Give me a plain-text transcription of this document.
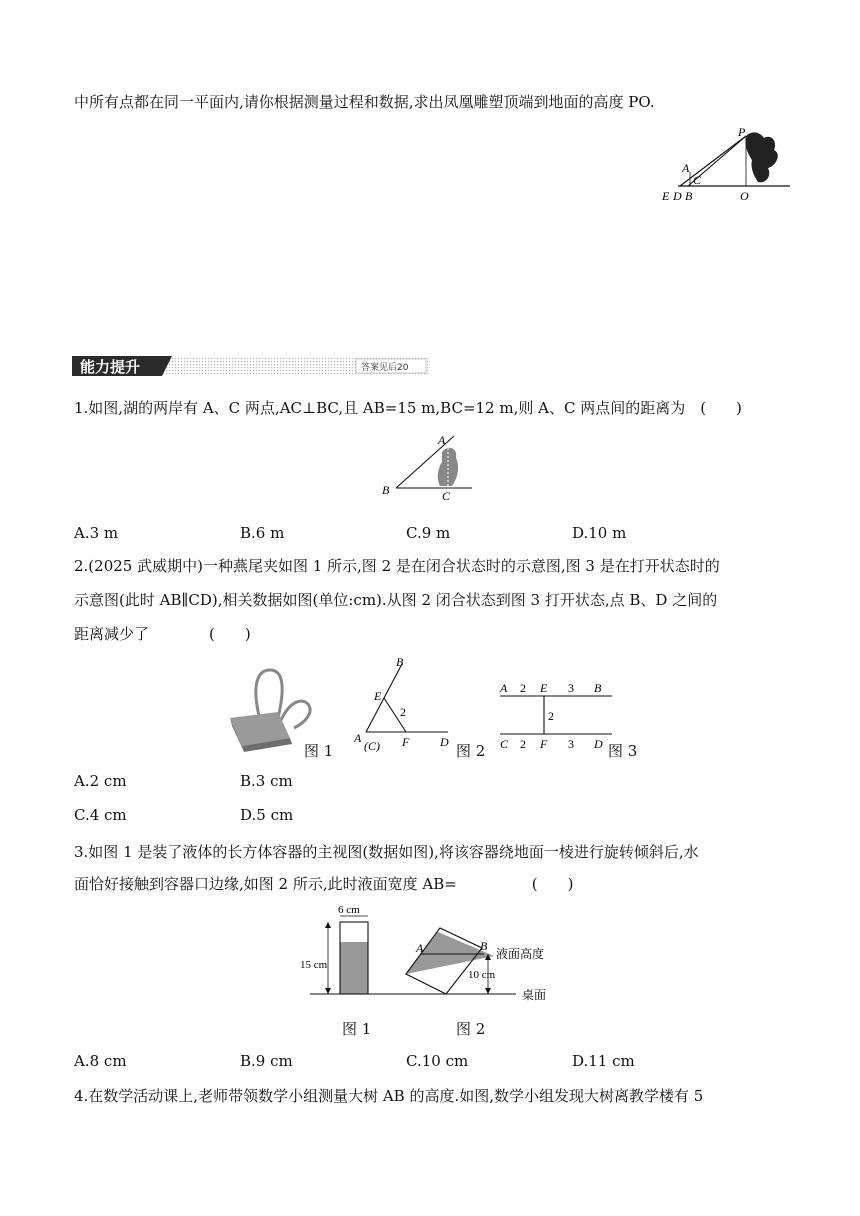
中所有点都在同一平面内,请你根据测量过程和数据,求出凤凰雕塑顶端到地面的高度 PO.
P
A
C
E D B	O
能力提升	答案见后20
1.如图,湖的两岸有 A、C 两点,AC⊥BC,且 AB=15 m,BC=12 m,则 A、C 两点间的距离为　(　　)
A
B	C
A.3 m	B.6 m	C.9 m	D.10 m
2.(2025 武威期中)一种燕尾夹如图 1 所示,图 2 是在闭合状态时的示意图,图 3 是在打开状态时的
示意图(此时 AB∥CD),相关数据如图(单位:cm).从图 2 闭合状态到图 3 打开状态,点 B、D 之间的
距离减少了　　　　(　　)
图 1
B
E
2
A
(C) F	D 图 2
A 2 E 3 B
2
C 2 F 3 D 图 3
A.2 cm	B.3 cm
C.4 cm	D.5 cm
3.如图 1 是装了液体的长方体容器的主视图(数据如图),将该容器绕地面一棱进行旋转倾斜后,水
面恰好接触到容器口边缘,如图 2 所示,此时液面宽度 AB=　　　　　(　　)
6 cm
15 cm
A	B
液面高度
10 cm
桌面
图 1	图 2
A.8 cm	B.9 cm	C.10 cm	D.11 cm
4.在数学活动课上,老师带领数学小组测量大树 AB 的高度.如图,数学小组发现大树离教学楼有 5
